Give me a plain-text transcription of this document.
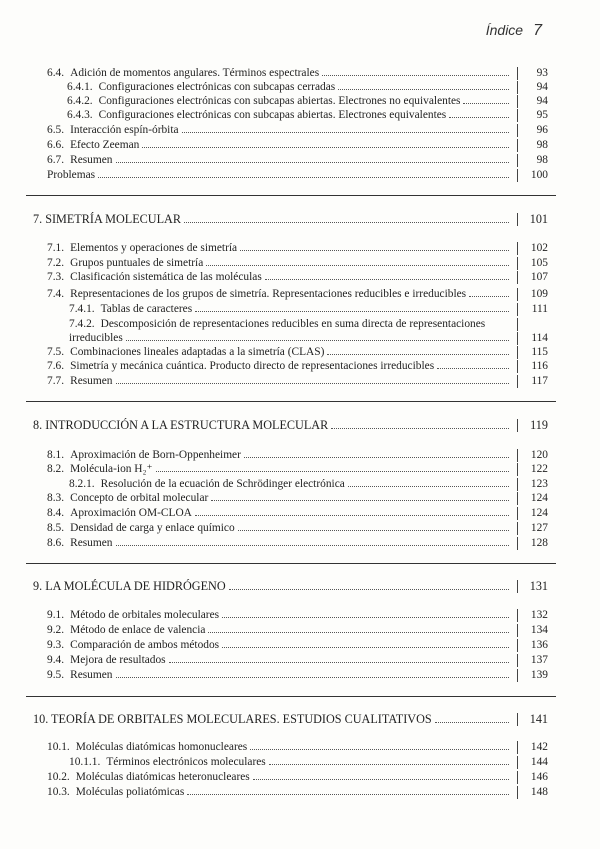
Índice 7
6.4. Adición de momentos angulares. Términos espectrales	93
6.4.1. Configuraciones electrónicas con subcapas cerradas	94
6.4.2. Configuraciones electrónicas con subcapas abiertas. Electrones no equivalentes	94
6.4.3. Configuraciones electrónicas con subcapas abiertas. Electrones equivalentes	95
6.5. Interacción espín-órbita	96
6.6. Efecto Zeeman	98
6.7. Resumen	98
Problemas	100
7. SIMETRÍA MOLECULAR	101
7.1. Elementos y operaciones de simetría	102
7.2. Grupos puntuales de simetría	105
7.3. Clasificación sistemática de las moléculas	107
7.4. Representaciones de los grupos de simetría. Representaciones reducibles e irreducibles	109
7.4.1. Tablas de caracteres	111
7.4.2. Descomposición de representaciones reducibles en suma directa de representaciones
irreducibles	114
7.5. Combinaciones lineales adaptadas a la simetría (CLAS)	115
7.6. Simetría y mecánica cuántica. Producto directo de representaciones irreducibles	116
7.7. Resumen	117
8. INTRODUCCIÓN A LA ESTRUCTURA MOLECULAR	119
8.1. Aproximación de Born-Oppenheimer	120
8.2. Molécula-ion H₂⁺	122
8.2.1. Resolución de la ecuación de Schrödinger electrónica	123
8.3. Concepto de orbital molecular	124
8.4. Aproximación OM-CLOA	124
8.5. Densidad de carga y enlace químico	127
8.6. Resumen	128
9. LA MOLÉCULA DE HIDRÓGENO	131
9.1. Método de orbitales moleculares	132
9.2. Método de enlace de valencia	134
9.3. Comparación de ambos métodos	136
9.4. Mejora de resultados	137
9.5. Resumen	139
10. TEORÍA DE ORBITALES MOLECULARES. ESTUDIOS CUALITATIVOS	141
10.1. Moléculas diatómicas homonucleares	142
10.1.1. Términos electrónicos moleculares	144
10.2. Moléculas diatómicas heteronucleares	146
10.3. Moléculas poliatómicas	148
